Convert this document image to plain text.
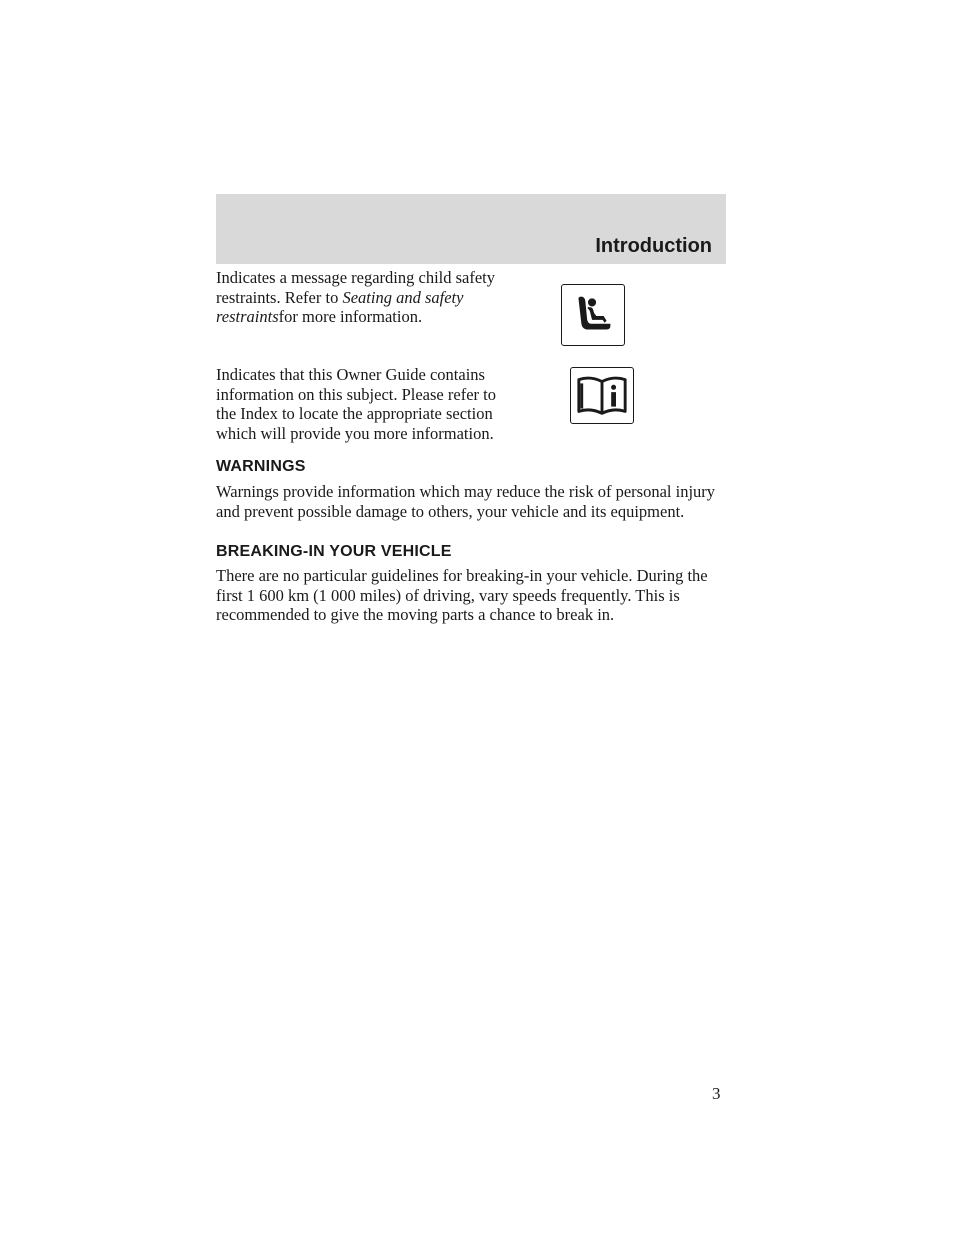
Introduction

Indicates a message regarding child safety restraints. Refer to Seating and safety restraintsfor more information.

Indicates that this Owner Guide contains information on this subject. Please refer to the Index to locate the appropriate section which will provide you more information.

WARNINGS

Warnings provide information which may reduce the risk of personal injury and prevent possible damage to others, your vehicle and its equipment.

BREAKING-IN YOUR VEHICLE

There are no particular guidelines for breaking-in your vehicle. During the first 1 600 km (1 000 miles) of driving, vary speeds frequently. This is recommended to give the moving parts a chance to break in.

3
